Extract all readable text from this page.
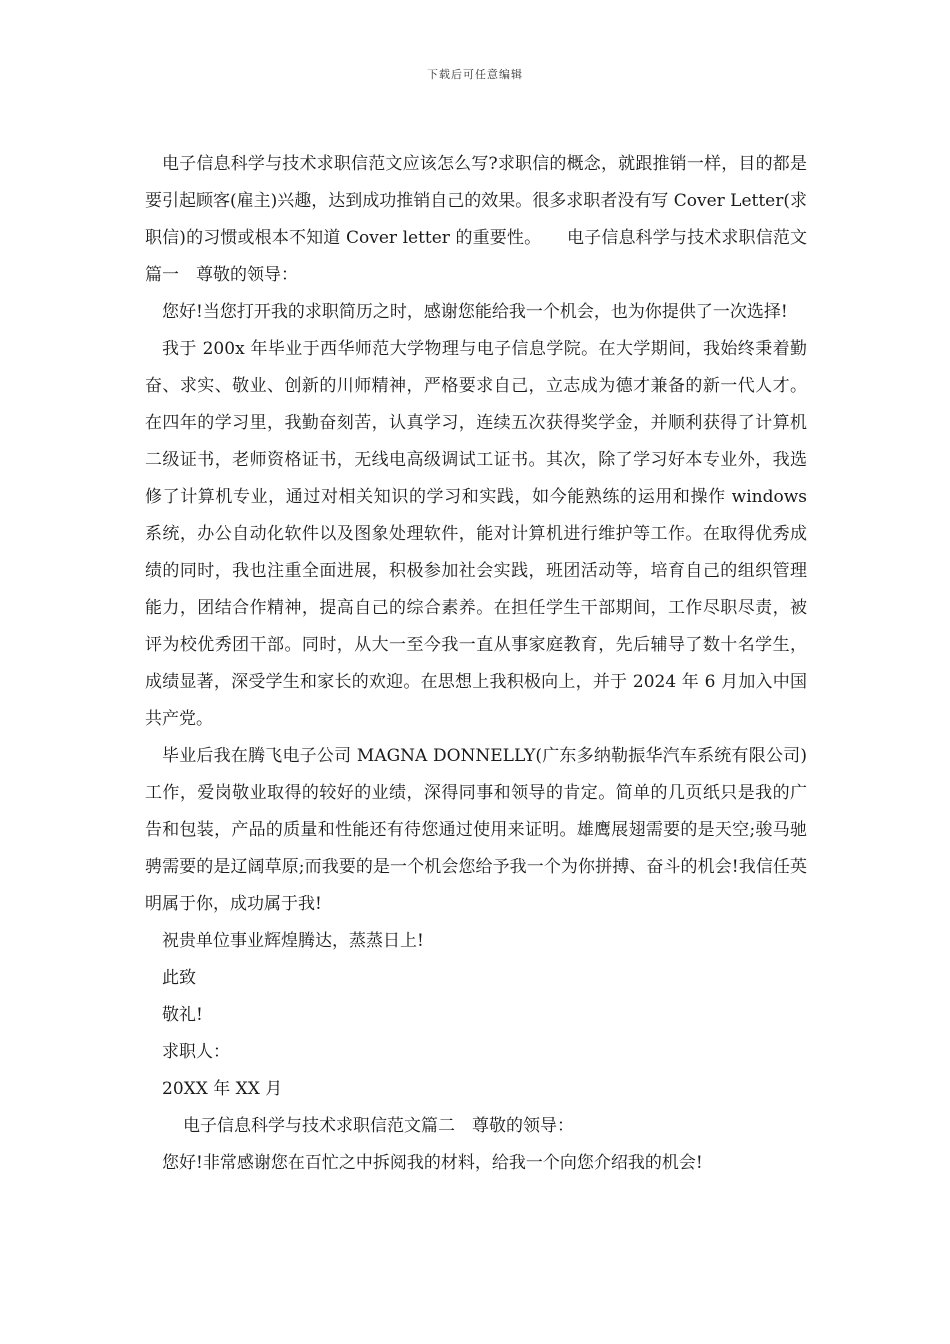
下载后可任意编辑

电子信息科学与技术求职信范文应该怎么写?求职信的概念，就跟推销一样，目的都是要引起顾客(雇主)兴趣，达到成功推销自己的效果。很多求职者没有写 Cover Letter(求职信)的习惯或根本不知道 Cover letter 的重要性。　　电子信息科学与技术求职信范文篇一　尊敬的领导：

您好!当您打开我的求职简历之时，感谢您能给我一个机会，也为你提供了一次选择!

我于 200x 年毕业于西华师范大学物理与电子信息学院。在大学期间，我始终秉着勤奋、求实、敬业、创新的川师精神，严格要求自己，立志成为德才兼备的新一代人才。在四年的学习里，我勤奋刻苦，认真学习，连续五次获得奖学金，并顺利获得了计算机二级证书，老师资格证书，无线电高级调试工证书。其次，除了学习好本专业外，我选修了计算机专业，通过对相关知识的学习和实践，如今能熟练的运用和操作 windows 系统，办公自动化软件以及图象处理软件，能对计算机进行维护等工作。在取得优秀成绩的同时，我也注重全面进展，积极参加社会实践，班团活动等，培育自己的组织管理能力，团结合作精神，提高自己的综合素养。在担任学生干部期间，工作尽职尽责，被评为校优秀团干部。同时，从大一至今我一直从事家庭教育，先后辅导了数十名学生，成绩显著，深受学生和家长的欢迎。在思想上我积极向上，并于 2024 年 6 月加入中国共产党。

毕业后我在腾飞电子公司 MAGNA DONNELLY(广东多纳勒振华汽车系统有限公司)工作，爱岗敬业取得的较好的业绩，深得同事和领导的肯定。简单的几页纸只是我的广告和包装，产品的质量和性能还有待您通过使用来证明。雄鹰展翅需要的是天空;骏马驰骋需要的是辽阔草原;而我要的是一个机会您给予我一个为你拼搏、奋斗的机会!我信任英明属于你，成功属于我!

祝贵单位事业辉煌腾达，蒸蒸日上!

此致

敬礼!

求职人：

20XX 年 XX 月

电子信息科学与技术求职信范文篇二　尊敬的领导：

您好!非常感谢您在百忙之中拆阅我的材料，给我一个向您介绍我的机会!
